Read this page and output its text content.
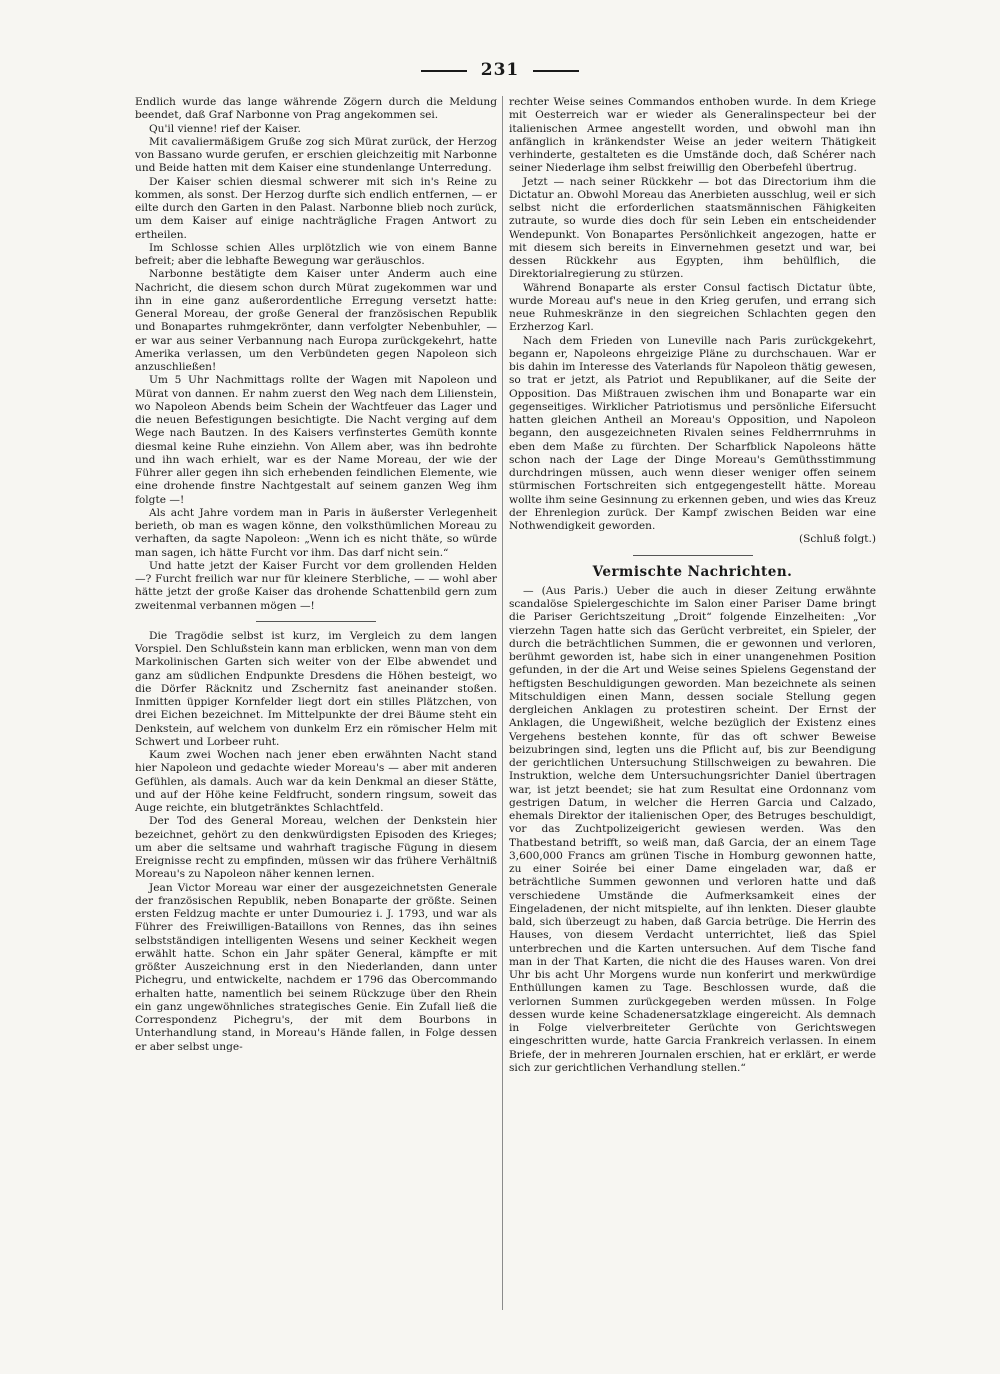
231

Endlich wurde das lange währende Zögern durch die Meldung beendet, daß Graf Narbonne von Prag angekommen sei.

Qu'il vienne! rief der Kaiser.

Mit cavaliermäßigem Gruße zog sich Mürat zurück, der Herzog von Bassano wurde gerufen, er erschien gleichzeitig mit Narbonne und Beide hatten mit dem Kaiser eine stundenlange Unterredung.

Der Kaiser schien diesmal schwerer mit sich in's Reine zu kommen, als sonst. Der Herzog durfte sich endlich entfernen, — er eilte durch den Garten in den Palast. Narbonne blieb noch zurück, um dem Kaiser auf einige nachträgliche Fragen Antwort zu ertheilen.

Im Schlosse schien Alles urplötzlich wie von einem Banne befreit; aber die lebhafte Bewegung war geräuschlos.

Narbonne bestätigte dem Kaiser unter Anderm auch eine Nachricht, die diesem schon durch Mürat zugekommen war und ihn in eine ganz außerordentliche Erregung versetzt hatte: General Moreau, der große General der französischen Republik und Bonapartes ruhmgekrönter, dann verfolgter Nebenbuhler, — er war aus seiner Verbannung nach Europa zurückgekehrt, hatte Amerika verlassen, um den Verbündeten gegen Napoleon sich anzuschließen!

Um 5 Uhr Nachmittags rollte der Wagen mit Napoleon und Mürat von dannen. Er nahm zuerst den Weg nach dem Lilienstein, wo Napoleon Abends beim Schein der Wachtfeuer das Lager und die neuen Befestigungen besichtigte. Die Nacht verging auf dem Wege nach Bautzen. In des Kaisers verfinstertes Gemüth konnte diesmal keine Ruhe einziehn. Von Allem aber, was ihn bedrohte und ihn wach erhielt, war es der Name Moreau, der wie der Führer aller gegen ihn sich erhebenden feindlichen Elemente, wie eine drohende finstre Nachtgestalt auf seinem ganzen Weg ihm folgte —!

Als acht Jahre vordem man in Paris in äußerster Verlegenheit berieth, ob man es wagen könne, den volksthümlichen Moreau zu verhaften, da sagte Napoleon: „Wenn ich es nicht thäte, so würde man sagen, ich hätte Furcht vor ihm. Das darf nicht sein.“

Und hatte jetzt der Kaiser Furcht vor dem grollenden Helden —? Furcht freilich war nur für kleinere Sterbliche, — — wohl aber hätte jetzt der große Kaiser das drohende Schattenbild gern zum zweitenmal verbannen mögen —!

Die Tragödie selbst ist kurz, im Vergleich zu dem langen Vorspiel. Den Schlußstein kann man erblicken, wenn man von dem Markolinischen Garten sich weiter von der Elbe abwendet und ganz am südlichen Endpunkte Dresdens die Höhen besteigt, wo die Dörfer Räcknitz und Zschernitz fast aneinander stoßen. Inmitten üppiger Kornfelder liegt dort ein stilles Plätzchen, von drei Eichen bezeichnet. Im Mittelpunkte der drei Bäume steht ein Denkstein, auf welchem von dunkelm Erz ein römischer Helm mit Schwert und Lorbeer ruht.

Kaum zwei Wochen nach jener eben erwähnten Nacht stand hier Napoleon und gedachte wieder Moreau's — aber mit anderen Gefühlen, als damals. Auch war da kein Denkmal an dieser Stätte, und auf der Höhe keine Feldfrucht, sondern ringsum, soweit das Auge reichte, ein blutgetränktes Schlachtfeld.

Der Tod des General Moreau, welchen der Denkstein hier bezeichnet, gehört zu den denkwürdigsten Episoden des Krieges; um aber die seltsame und wahrhaft tragische Fügung in diesem Ereignisse recht zu empfinden, müssen wir das frühere Verhältniß Moreau's zu Napoleon näher kennen lernen.

Jean Victor Moreau war einer der ausgezeichnetsten Generale der französischen Republik, neben Bonaparte der größte. Seinen ersten Feldzug machte er unter Dumouriez i. J. 1793, und war als Führer des Freiwilligen-Bataillons von Rennes, das ihn seines selbstständigen intelligenten Wesens und seiner Keckheit wegen erwählt hatte. Schon ein Jahr später General, kämpfte er mit größter Auszeichnung erst in den Niederlanden, dann unter Pichegru, und entwickelte, nachdem er 1796 das Obercommando erhalten hatte, namentlich bei seinem Rückzuge über den Rhein ein ganz ungewöhnliches strategisches Genie. Ein Zufall ließ die Correspondenz Pichegru's, der mit dem Bourbons in Unterhandlung stand, in Moreau's Hände fallen, in Folge dessen er aber selbst unge-

rechter Weise seines Commandos enthoben wurde. In dem Kriege mit Oesterreich war er wieder als Generalinspecteur bei der italienischen Armee angestellt worden, und obwohl man ihn anfänglich in kränkendster Weise an jeder weitern Thätigkeit verhinderte, gestalteten es die Umstände doch, daß Schérer nach seiner Niederlage ihm selbst freiwillig den Oberbefehl übertrug.

Jetzt — nach seiner Rückkehr — bot das Directorium ihm die Dictatur an. Obwohl Moreau das Anerbieten ausschlug, weil er sich selbst nicht die erforderlichen staatsmännischen Fähigkeiten zutraute, so wurde dies doch für sein Leben ein entscheidender Wendepunkt. Von Bonapartes Persönlichkeit angezogen, hatte er mit diesem sich bereits in Einvernehmen gesetzt und war, bei dessen Rückkehr aus Egypten, ihm behülflich, die Direktorialregierung zu stürzen.

Während Bonaparte als erster Consul factisch Dictatur übte, wurde Moreau auf's neue in den Krieg gerufen, und errang sich neue Ruhmeskränze in den siegreichen Schlachten gegen den Erzherzog Karl.

Nach dem Frieden von Luneville nach Paris zurückgekehrt, begann er, Napoleons ehrgeizige Pläne zu durchschauen. War er bis dahin im Interesse des Vaterlands für Napoleon thätig gewesen, so trat er jetzt, als Patriot und Republikaner, auf die Seite der Opposition. Das Mißtrauen zwischen ihm und Bonaparte war ein gegenseitiges. Wirklicher Patriotismus und persönliche Eifersucht hatten gleichen Antheil an Moreau's Opposition, und Napoleon begann, den ausgezeichneten Rivalen seines Feldherrnruhms in eben dem Maße zu fürchten. Der Scharfblick Napoleons hätte schon nach der Lage der Dinge Moreau's Gemüthsstimmung durchdringen müssen, auch wenn dieser weniger offen seinem stürmischen Fortschreiten sich entgegengestellt hätte. Moreau wollte ihm seine Gesinnung zu erkennen geben, und wies das Kreuz der Ehrenlegion zurück. Der Kampf zwischen Beiden war eine Nothwendigkeit geworden.

(Schluß folgt.)
Vermischte Nachrichten.

— (Aus Paris.) Ueber die auch in dieser Zeitung erwähnte scandalöse Spielergeschichte im Salon einer Pariser Dame bringt die Pariser Gerichtszeitung „Droit“ folgende Einzelheiten: „Vor vierzehn Tagen hatte sich das Gerücht verbreitet, ein Spieler, der durch die beträchtlichen Summen, die er gewonnen und verloren, berühmt geworden ist, habe sich in einer unangenehmen Position gefunden, in der die Art und Weise seines Spielens Gegenstand der heftigsten Beschuldigungen geworden. Man bezeichnete als seinen Mitschuldigen einen Mann, dessen sociale Stellung gegen dergleichen Anklagen zu protestiren scheint. Der Ernst der Anklagen, die Ungewißheit, welche bezüglich der Existenz eines Vergehens bestehen konnte, für das oft schwer Beweise beizubringen sind, legten uns die Pflicht auf, bis zur Beendigung der gerichtlichen Untersuchung Stillschweigen zu bewahren. Die Instruktion, welche dem Untersuchungsrichter Daniel übertragen war, ist jetzt beendet; sie hat zum Resultat eine Ordonnanz vom gestrigen Datum, in welcher die Herren Garcia und Calzado, ehemals Direktor der italienischen Oper, des Betruges beschuldigt, vor das Zuchtpolizeigericht gewiesen werden. Was den Thatbestand betrifft, so weiß man, daß Garcia, der an einem Tage 3,600,000 Francs am grünen Tische in Homburg gewonnen hatte, zu einer Soirée bei einer Dame eingeladen war, daß er beträchtliche Summen gewonnen und verloren hatte und daß verschiedene Umstände die Aufmerksamkeit eines der Eingeladenen, der nicht mitspielte, auf ihn lenkten. Dieser glaubte bald, sich überzeugt zu haben, daß Garcia betrüge. Die Herrin des Hauses, von diesem Verdacht unterrichtet, ließ das Spiel unterbrechen und die Karten untersuchen. Auf dem Tische fand man in der That Karten, die nicht die des Hauses waren. Von drei Uhr bis acht Uhr Morgens wurde nun konferirt und merkwürdige Enthüllungen kamen zu Tage. Beschlossen wurde, daß die verlornen Summen zurückgegeben werden müssen. In Folge dessen wurde keine Schadenersatzklage eingereicht. Als demnach in Folge vielverbreiteter Gerüchte von Gerichtswegen eingeschritten wurde, hatte Garcia Frankreich verlassen. In einem Briefe, der in mehreren Journalen erschien, hat er erklärt, er werde sich zur gerichtlichen Verhandlung stellen.“
